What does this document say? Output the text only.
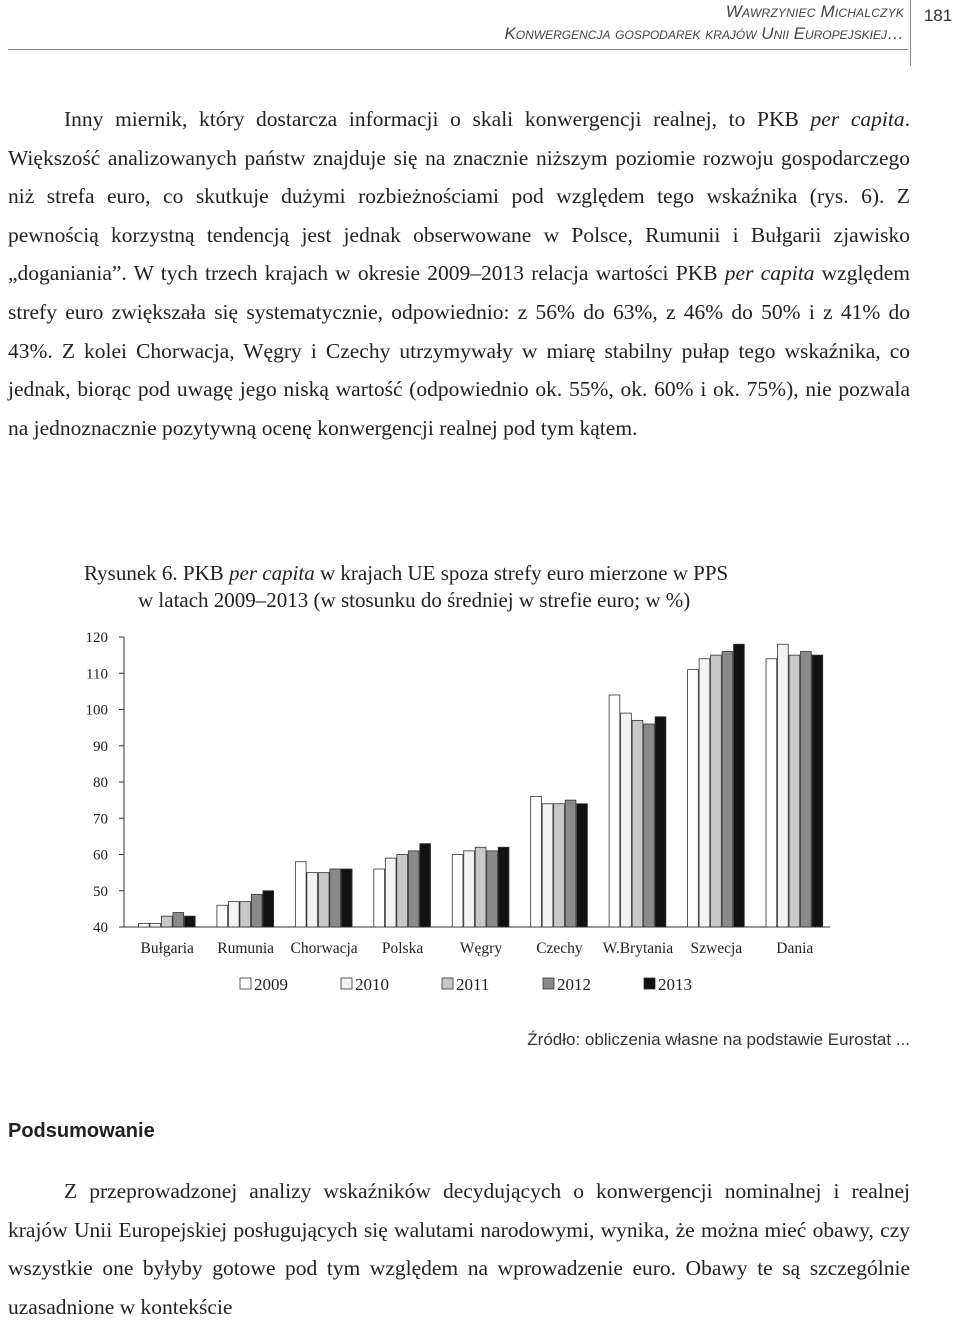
Wawrzyniec Michalczyk
Konwergencja gospodarek krajów Unii Europejskiej…
181

Inny miernik, który dostarcza informacji o skali konwergencji realnej, to PKB per capita. Większość analizowanych państw znajduje się na znacznie niższym poziomie rozwoju gospodarczego niż strefa euro, co skutkuje dużymi rozbieżnościami pod względem tego wskaźnika (rys. 6). Z pewnością korzystną tendencją jest jednak obserwowane w Polsce, Rumunii i Bułgarii zjawisko „doganiania”. W tych trzech krajach w okresie 2009–2013 relacja wartości PKB per capita względem strefy euro zwiększała się systematycznie, odpowiednio: z 56% do 63%, z 46% do 50% i z 41% do 43%. Z kolei Chorwacja, Węgry i Czechy utrzymywały w miarę stabilny pułap tego wskaźnika, co jednak, biorąc pod uwagę jego niską wartość (odpowiednio ok. 55%, ok. 60% i ok. 75%), nie pozwala na jednoznacznie pozytywną ocenę konwergencji realnej pod tym kątem.

Rysunek 6. PKB per capita w krajach UE spoza strefy euro mierzone w PPS
w latach 2009–2013 (w stosunku do średniej w strefie euro; w %)
40
50
60
70
80
90
100
110
120
Bułgaria Rumunia Chorwacja Polska Węgry Czechy W.Brytania Szwecja Dania
2009	2010	2011	2012	2013
Źródło: obliczenia własne na podstawie Eurostat ...
Podsumowanie

Z przeprowadzonej analizy wskaźników decydujących o konwergencji nominalnej i realnej krajów Unii Europejskiej posługujących się walutami narodowymi, wynika, że można mieć obawy, czy wszystkie one byłyby gotowe pod tym względem na wprowadzenie euro. Obawy te są szczególnie uzasadnione w kontekście
